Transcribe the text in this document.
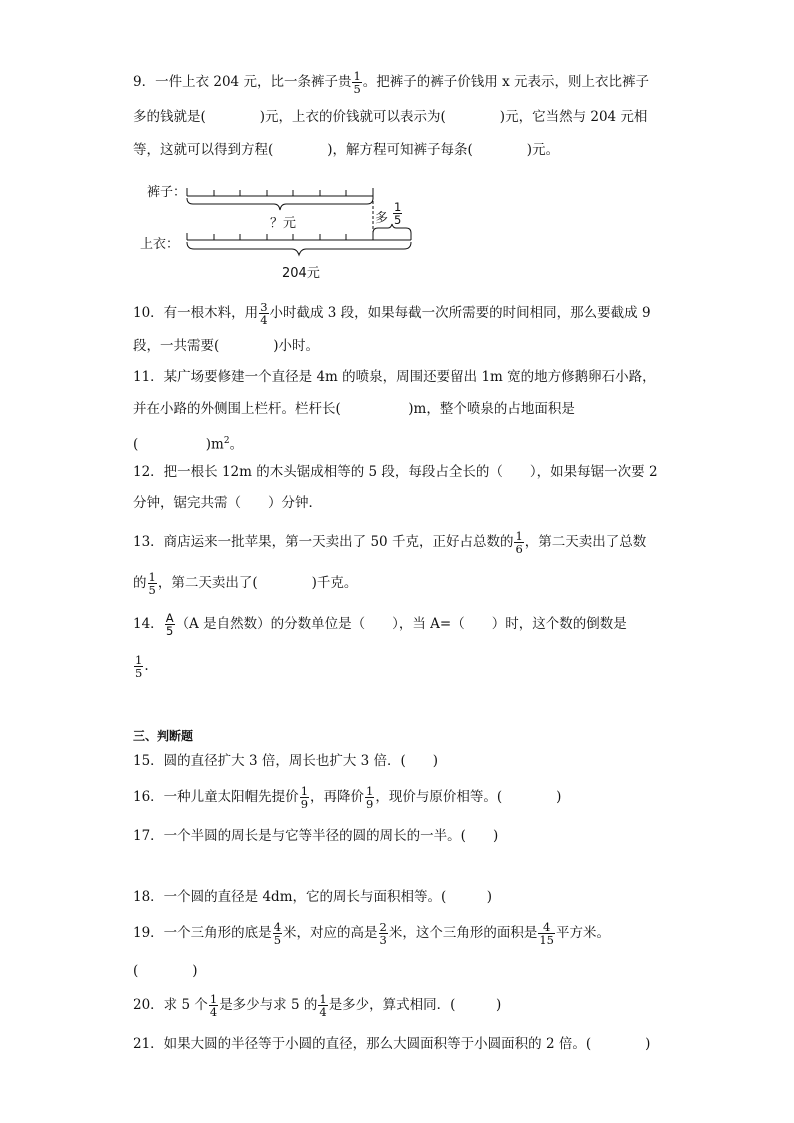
9．一件上衣 204 元，比一条裤子贵 $\frac{1}{5}$ 。把裤子的裤子价钱用 x 元表示，则上衣比裤子
多的钱就是(　　　　)元，上衣的价钱就可以表示为(　　　　)元，它当然与 204 元相
等，这就可以得到方程(　　　　)，解方程可知裤子每条(　　　　)元。
裤子：
上衣：
？元	多 $\frac{1}{5}$
204元
10．有一根木料，用 $\frac{3}{4}$ 小时截成 3 段，如果每截一次所需要的时间相同，那么要截成 9
段，一共需要(　　　　)小时。
11．某广场要修建一个直径是 4m 的喷泉，周围还要留出 1m 宽的地方修鹅卵石小路，
并在小路的外侧围上栏杆。栏杆长(　　　　　)m，整个喷泉的占地面积是
(　　　　　)$m^2$。
12．把一根长 12m 的木头锯成相等的 5 段，每段占全长的（　　），如果每锯一次要 2
分钟，锯完共需（　　）分钟．
13．商店运来一批苹果，第一天卖出了 50 千克，正好占总数的 $\frac{1}{6}$ ，第二天卖出了总数
的 $\frac{1}{5}$ ，第二天卖出了(　　　　)千克。
14． $\frac{A}{5} (A$ 是自然数）的分数单位是（　　），当 A=（　　）时，这个数的倒数是
$\frac{1}{5}$ .
三、判断题
15．圆的直径扩大 3 倍，周长也扩大 3 倍．(　　)
16．一种儿童太阳帽先提价 $\frac{1}{9}$ ，再降价 $\frac{1}{9}$ ，现价与原价相等。(　　　　)
17．一个半圆的周长是与它等半径的圆的周长的一半。(　　)
18．一个圆的直径是 4dm，它的周长与面积相等。(　　　)
19．一个三角形的底是 $\frac{4}{5}$ 米，对应的高是 $\frac{2}{3}$ 米，这个三角形的面积是 $\frac{4}{15}$ 平方米。
(　　　　)
20．求 5 个 $\frac{1}{4}$ 是多少与求 5 的 $\frac{1}{4}$ 是多少，算式相同．(　　　)
21．如果大圆的半径等于小圆的直径，那么大圆面积等于小圆面积的 2 倍。(　　　　)
